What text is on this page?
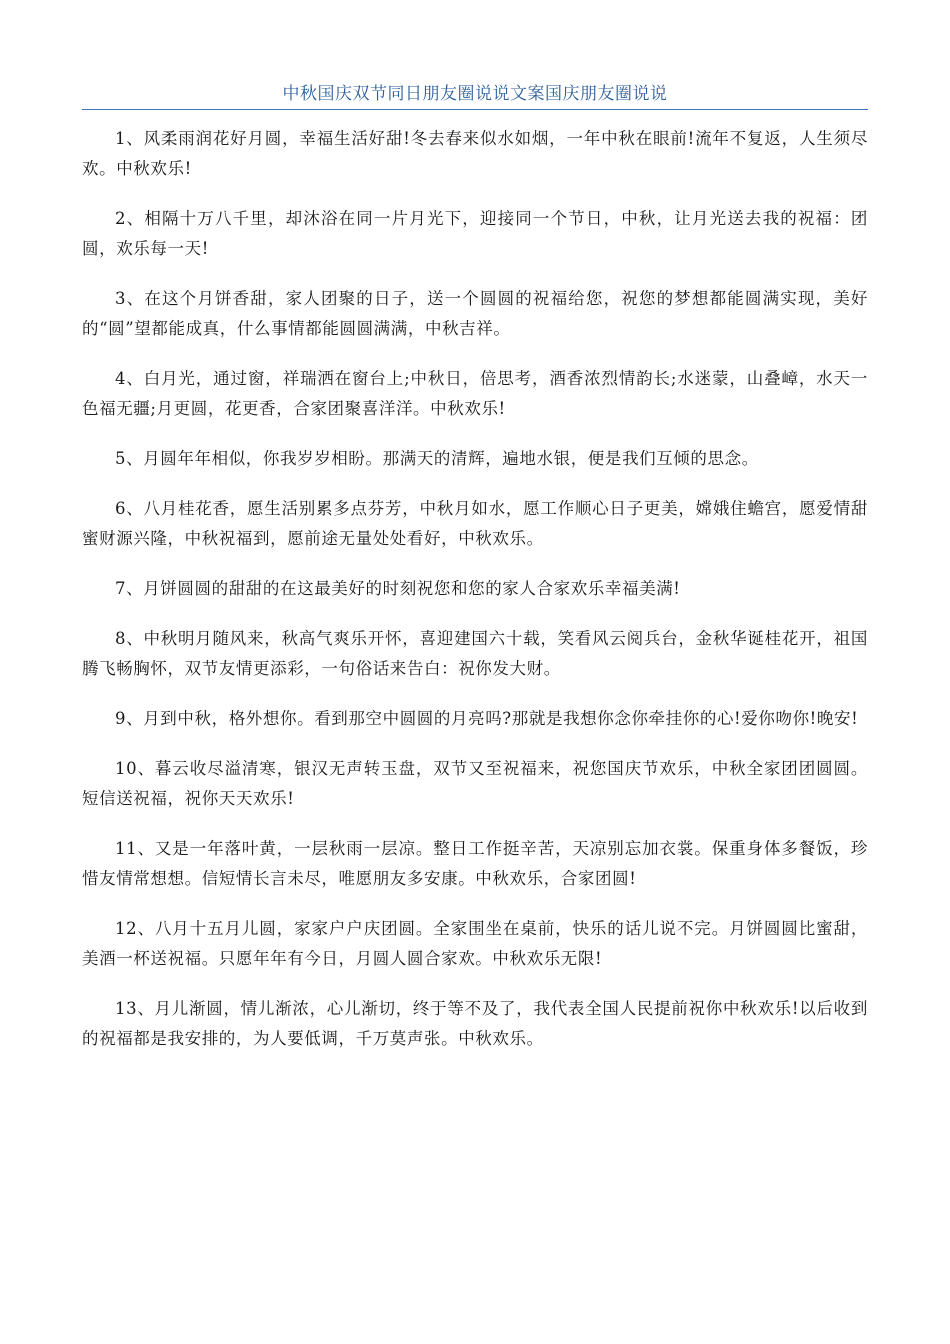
中秋国庆双节同日朋友圈说说文案国庆朋友圈说说

1、风柔雨润花好月圆，幸福生活好甜!冬去春来似水如烟，一年中秋在眼前!流年不复返，人生须尽欢。中秋欢乐!

2、相隔十万八千里，却沐浴在同一片月光下，迎接同一个节日，中秋，让月光送去我的祝福：团圆，欢乐每一天!

3、在这个月饼香甜，家人团聚的日子，送一个圆圆的祝福给您，祝您的梦想都能圆满实现，美好的“圆”望都能成真，什么事情都能圆圆满满，中秋吉祥。

4、白月光，通过窗，祥瑞洒在窗台上;中秋日，倍思考，酒香浓烈情韵长;水迷蒙，山叠嶂，水天一色福无疆;月更圆，花更香，合家团聚喜洋洋。中秋欢乐!

5、月圆年年相似，你我岁岁相盼。那满天的清辉，遍地水银，便是我们互倾的思念。

6、八月桂花香，愿生活别累多点芬芳，中秋月如水，愿工作顺心日子更美，嫦娥住蟾宫，愿爱情甜蜜财源兴隆，中秋祝福到，愿前途无量处处看好，中秋欢乐。

7、月饼圆圆的甜甜的在这最美好的时刻祝您和您的家人合家欢乐幸福美满!

8、中秋明月随风来，秋高气爽乐开怀，喜迎建国六十载，笑看风云阅兵台，金秋华诞桂花开，祖国腾飞畅胸怀，双节友情更添彩，一句俗话来告白：祝你发大财。

9、月到中秋，格外想你。看到那空中圆圆的月亮吗?那就是我想你念你牵挂你的心!爱你吻你!晚安!

10、暮云收尽溢清寒，银汉无声转玉盘，双节又至祝福来，祝您国庆节欢乐，中秋全家团团圆圆。短信送祝福，祝你天天欢乐!

11、又是一年落叶黄，一层秋雨一层凉。整日工作挺辛苦，天凉别忘加衣裳。保重身体多餐饭，珍惜友情常想想。信短情长言未尽，唯愿朋友多安康。中秋欢乐，合家团圆!

12、八月十五月儿圆，家家户户庆团圆。全家围坐在桌前，快乐的话儿说不完。月饼圆圆比蜜甜，美酒一杯送祝福。只愿年年有今日，月圆人圆合家欢。中秋欢乐无限!

13、月儿渐圆，情儿渐浓，心儿渐切，终于等不及了，我代表全国人民提前祝你中秋欢乐!以后收到的祝福都是我安排的，为人要低调，千万莫声张。中秋欢乐。
